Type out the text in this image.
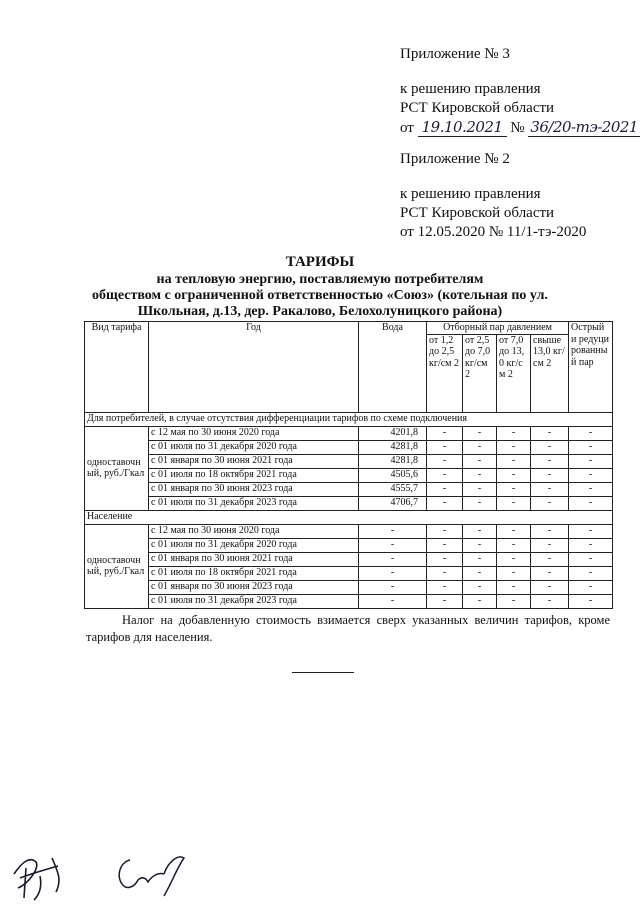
Приложение № 3
к решению правления
РСТ Кировской области
от 19.10.2021 № 36/20-тэ-2021
Приложение № 2
к решению правления
РСТ Кировской области
от 12.05.2020 № 11/1-тэ-2020
ТАРИФЫ
на тепловую энергию, поставляемую потребителям
обществом с ограниченной ответственностью «Союз» (котельная по ул.
Школьная, д.13, дер. Ракалово, Белохолуницкого района)
Вид тарифа	Год	Вода	Отборный пар давлением				Острый и редуцированный пар
			от 1,2 до 2,5 кг/см 2	от 2,5 до 7,0 кг/см 2	от 7,0 до 13,0 кг/см 2	свыше 13,0 кг/см 2	
Для потребителей, в случае отсутствия дифференциации тарифов по схеме подключения							
одноставочный, руб./Гкал	с 12 мая по 30 июня 2020 года	4201,8	-	-	-	-	-
	с 01 июля по 31 декабря 2020 года	4281,8	-	-	-	-	-
	с 01 января по 30 июня 2021 года	4281,8	-	-	-	-	-
	с 01 июля по 18 октября 2021 года	4505,6	-	-	-	-	-
	с 01 января по 30 июня 2023 года	4555,7	-	-	-	-	-
	с 01 июля по 31 декабря 2023 года	4706,7	-	-	-	-	-
Население							
одноставочный, руб./Гкал	с 12 мая по 30 июня 2020 года	-	-	-	-	-	-
	с 01 июля по 31 декабря 2020 года	-	-	-	-	-	-
	с 01 января по 30 июня 2021 года	-	-	-	-	-	-
	с 01 июля по 18 октября 2021 года	-	-	-	-	-	-
	с 01 января по 30 июня 2023 года	-	-	-	-	-	-
	с 01 июля по 31 декабря 2023 года	-	-	-	-	-	-
Налог на добавленную стоимость взимается сверх указанных величин тарифов, кроме тарифов для населения.
